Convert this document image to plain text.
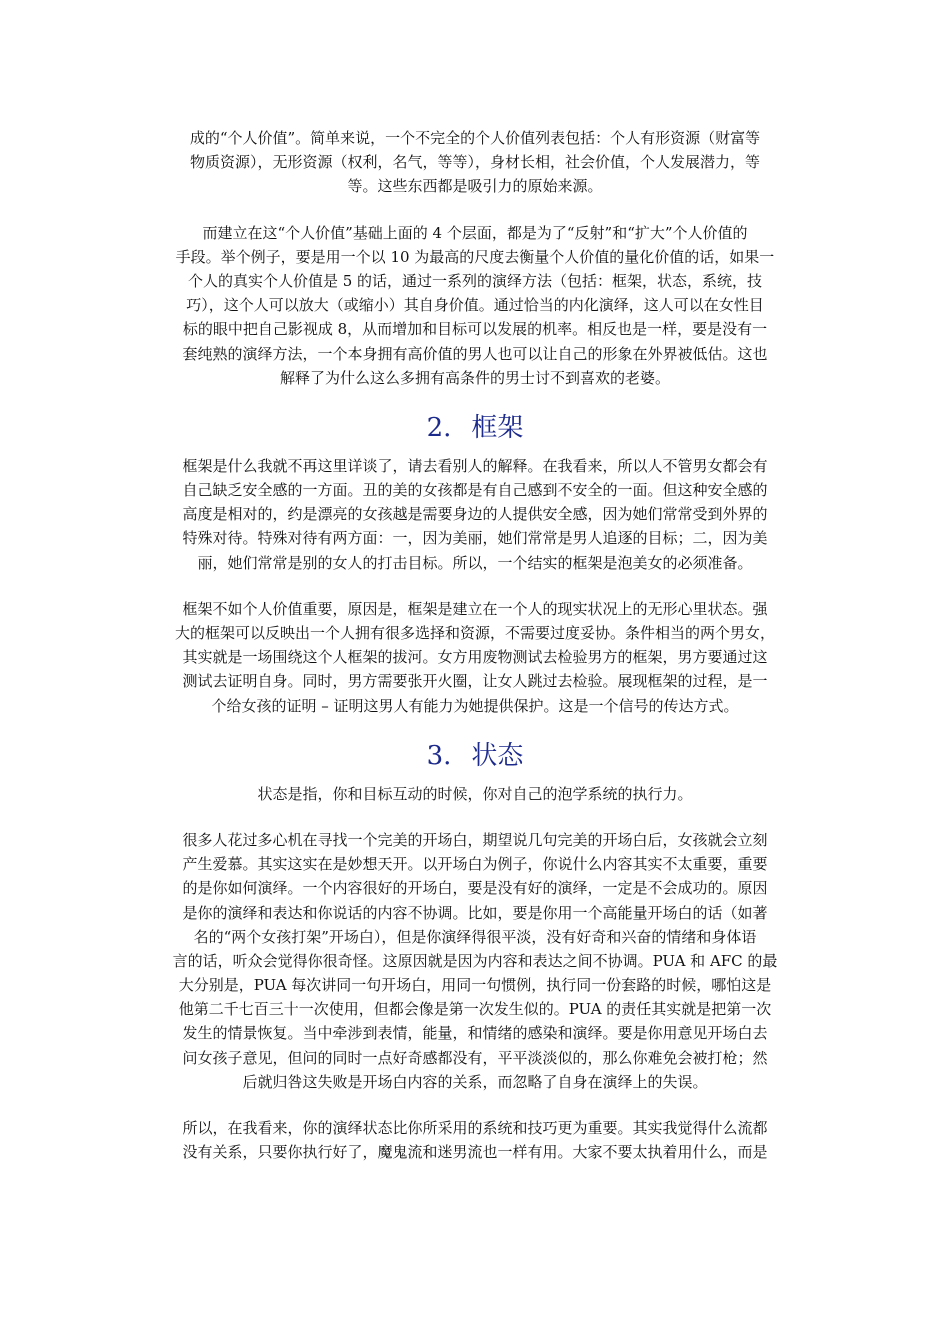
成的“个人价值”。简单来说，一个不完全的个人价值列表包括：个人有形资源（财富等
物质资源），无形资源（权利，名气，等等），身材长相，社会价值，个人发展潜力，等
等。这些东西都是吸引力的原始来源。
而建立在这“个人价值”基础上面的 4 个层面，都是为了“反射”和“扩大”个人价值的
手段。举个例子，要是用一个以 10 为最高的尺度去衡量个人价值的量化价值的话，如果一
个人的真实个人价值是 5 的话，通过一系列的演绎方法（包括：框架，状态，系统，技
巧），这个人可以放大（或缩小）其自身价值。通过恰当的内化演绎，这人可以在女性目
标的眼中把自己影视成 8，从而增加和目标可以发展的机率。相反也是一样，要是没有一
套纯熟的演绎方法，一个本身拥有高价值的男人也可以让自己的形象在外界被低估。这也
解释了为什么这么多拥有高条件的男士讨不到喜欢的老婆。
2. 框架
框架是什么我就不再这里详谈了，请去看别人的解释。在我看来，所以人不管男女都会有
自己缺乏安全感的一方面。丑的美的女孩都是有自己感到不安全的一面。但这种安全感的
高度是相对的，约是漂亮的女孩越是需要身边的人提供安全感，因为她们常常受到外界的
特殊对待。特殊对待有两方面：一，因为美丽，她们常常是男人追逐的目标；二，因为美
丽，她们常常是别的女人的打击目标。所以，一个结实的框架是泡美女的必须准备。
框架不如个人价值重要，原因是，框架是建立在一个人的现实状况上的无形心里状态。强
大的框架可以反映出一个人拥有很多选择和资源，不需要过度妥协。条件相当的两个男女，
其实就是一场围绕这个人框架的拔河。女方用废物测试去检验男方的框架，男方要通过这
测试去证明自身。同时，男方需要张开火圈，让女人跳过去检验。展现框架的过程，是一
个给女孩的证明 – 证明这男人有能力为她提供保护。这是一个信号的传达方式。
3. 状态
状态是指，你和目标互动的时候，你对自己的泡学系统的执行力。
很多人花过多心机在寻找一个完美的开场白，期望说几句完美的开场白后，女孩就会立刻
产生爱慕。其实这实在是妙想天开。以开场白为例子，你说什么内容其实不太重要，重要
的是你如何演绎。一个内容很好的开场白，要是没有好的演绎，一定是不会成功的。原因
是你的演绎和表达和你说话的内容不协调。比如，要是你用一个高能量开场白的话（如著
名的“两个女孩打架”开场白），但是你演绎得很平淡，没有好奇和兴奋的情绪和身体语
言的话，听众会觉得你很奇怪。这原因就是因为内容和表达之间不协调。PUA 和 AFC 的最
大分别是，PUA 每次讲同一句开场白，用同一句惯例，执行同一份套路的时候，哪怕这是
他第二千七百三十一次使用，但都会像是第一次发生似的。PUA 的责任其实就是把第一次
发生的情景恢复。当中牵涉到表情，能量，和情绪的感染和演绎。要是你用意见开场白去
问女孩子意见，但问的同时一点好奇感都没有，平平淡淡似的，那么你难免会被打枪；然
后就归咎这失败是开场白内容的关系，而忽略了自身在演绎上的失误。
所以，在我看来，你的演绎状态比你所采用的系统和技巧更为重要。其实我觉得什么流都
没有关系，只要你执行好了，魔鬼流和迷男流也一样有用。大家不要太执着用什么，而是
